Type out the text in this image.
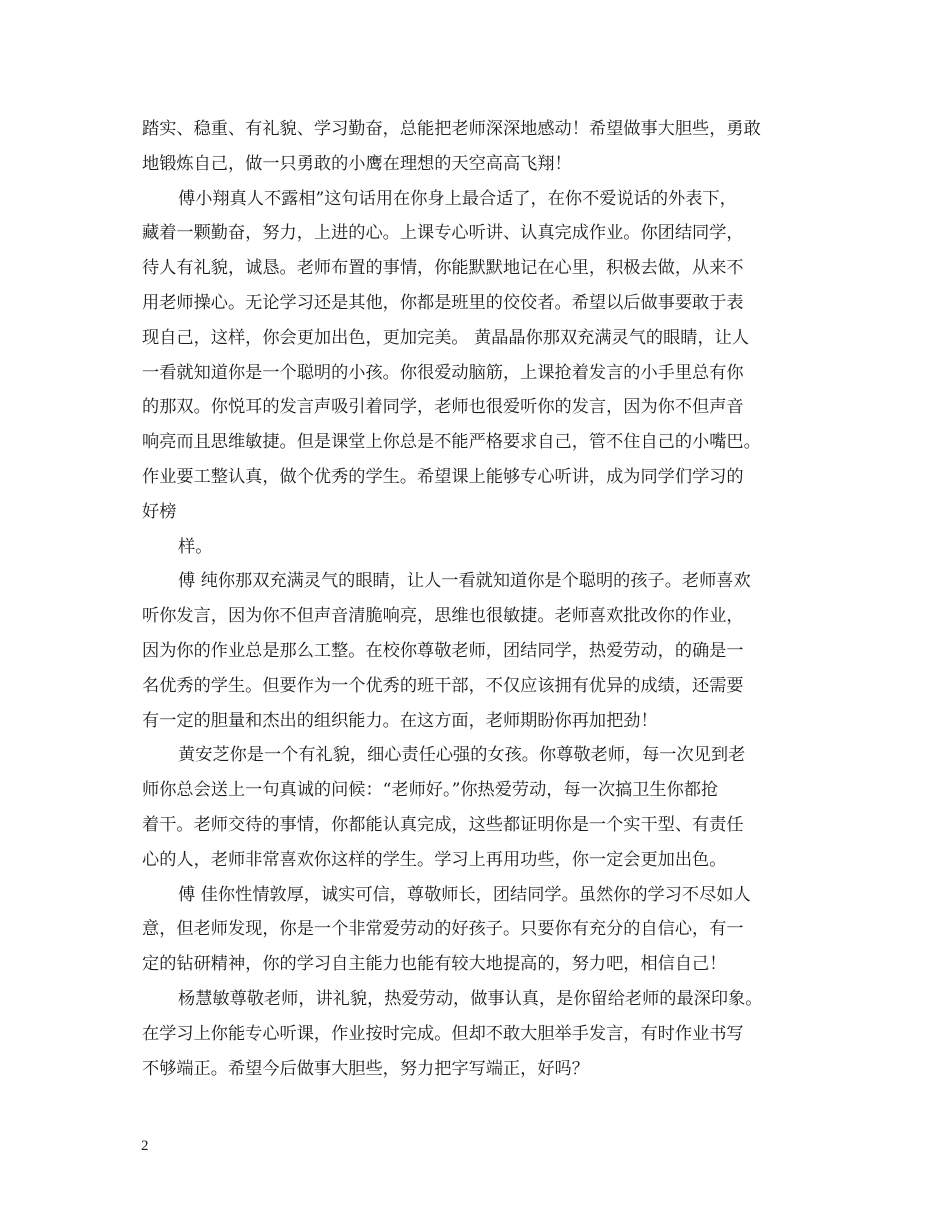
踏实、稳重、有礼貌、学习勤奋，总能把老师深深地感动！希望做事大胆些，勇敢
地锻炼自己，做一只勇敢的小鹰在理想的天空高高飞翔！
傅小翔真人不露相”这句话用在你身上最合适了，在你不爱说话的外表下，
藏着一颗勤奋，努力，上进的心。上课专心听讲、认真完成作业。你团结同学，
待人有礼貌，诚恳。老师布置的事情，你能默默地记在心里，积极去做，从来不
用老师操心。无论学习还是其他，你都是班里的佼佼者。希望以后做事要敢于表
现自己，这样，你会更加出色，更加完美。 黄晶晶你那双充满灵气的眼睛，让人
一看就知道你是一个聪明的小孩。你很爱动脑筋，上课抢着发言的小手里总有你
的那双。你悦耳的发言声吸引着同学，老师也很爱听你的发言，因为你不但声音
响亮而且思维敏捷。但是课堂上你总是不能严格要求自己，管不住自己的小嘴巴。
作业要工整认真，做个优秀的学生。希望课上能够专心听讲，成为同学们学习的
好榜
样。
傅 纯你那双充满灵气的眼睛，让人一看就知道你是个聪明的孩子。老师喜欢
听你发言，因为你不但声音清脆响亮，思维也很敏捷。老师喜欢批改你的作业，
因为你的作业总是那么工整。在校你尊敬老师，团结同学，热爱劳动，的确是一
名优秀的学生。但要作为一个优秀的班干部，不仅应该拥有优异的成绩，还需要
有一定的胆量和杰出的组织能力。在这方面，老师期盼你再加把劲！
黄安芝你是一个有礼貌，细心责任心强的女孩。你尊敬老师，每一次见到老
师你总会送上一句真诚的问候：“老师好。”你热爱劳动，每一次搞卫生你都抢
着干。老师交待的事情，你都能认真完成，这些都证明你是一个实干型、有责任
心的人，老师非常喜欢你这样的学生。学习上再用功些，你一定会更加出色。
傅 佳你性情敦厚，诚实可信，尊敬师长，团结同学。虽然你的学习不尽如人
意，但老师发现，你是一个非常爱劳动的好孩子。只要你有充分的自信心，有一
定的钻研精神，你的学习自主能力也能有较大地提高的，努力吧，相信自己！
杨慧敏尊敬老师，讲礼貌，热爱劳动，做事认真，是你留给老师的最深印象。
在学习上你能专心听课，作业按时完成。但却不敢大胆举手发言，有时作业书写
不够端正。希望今后做事大胆些，努力把字写端正，好吗？
2
